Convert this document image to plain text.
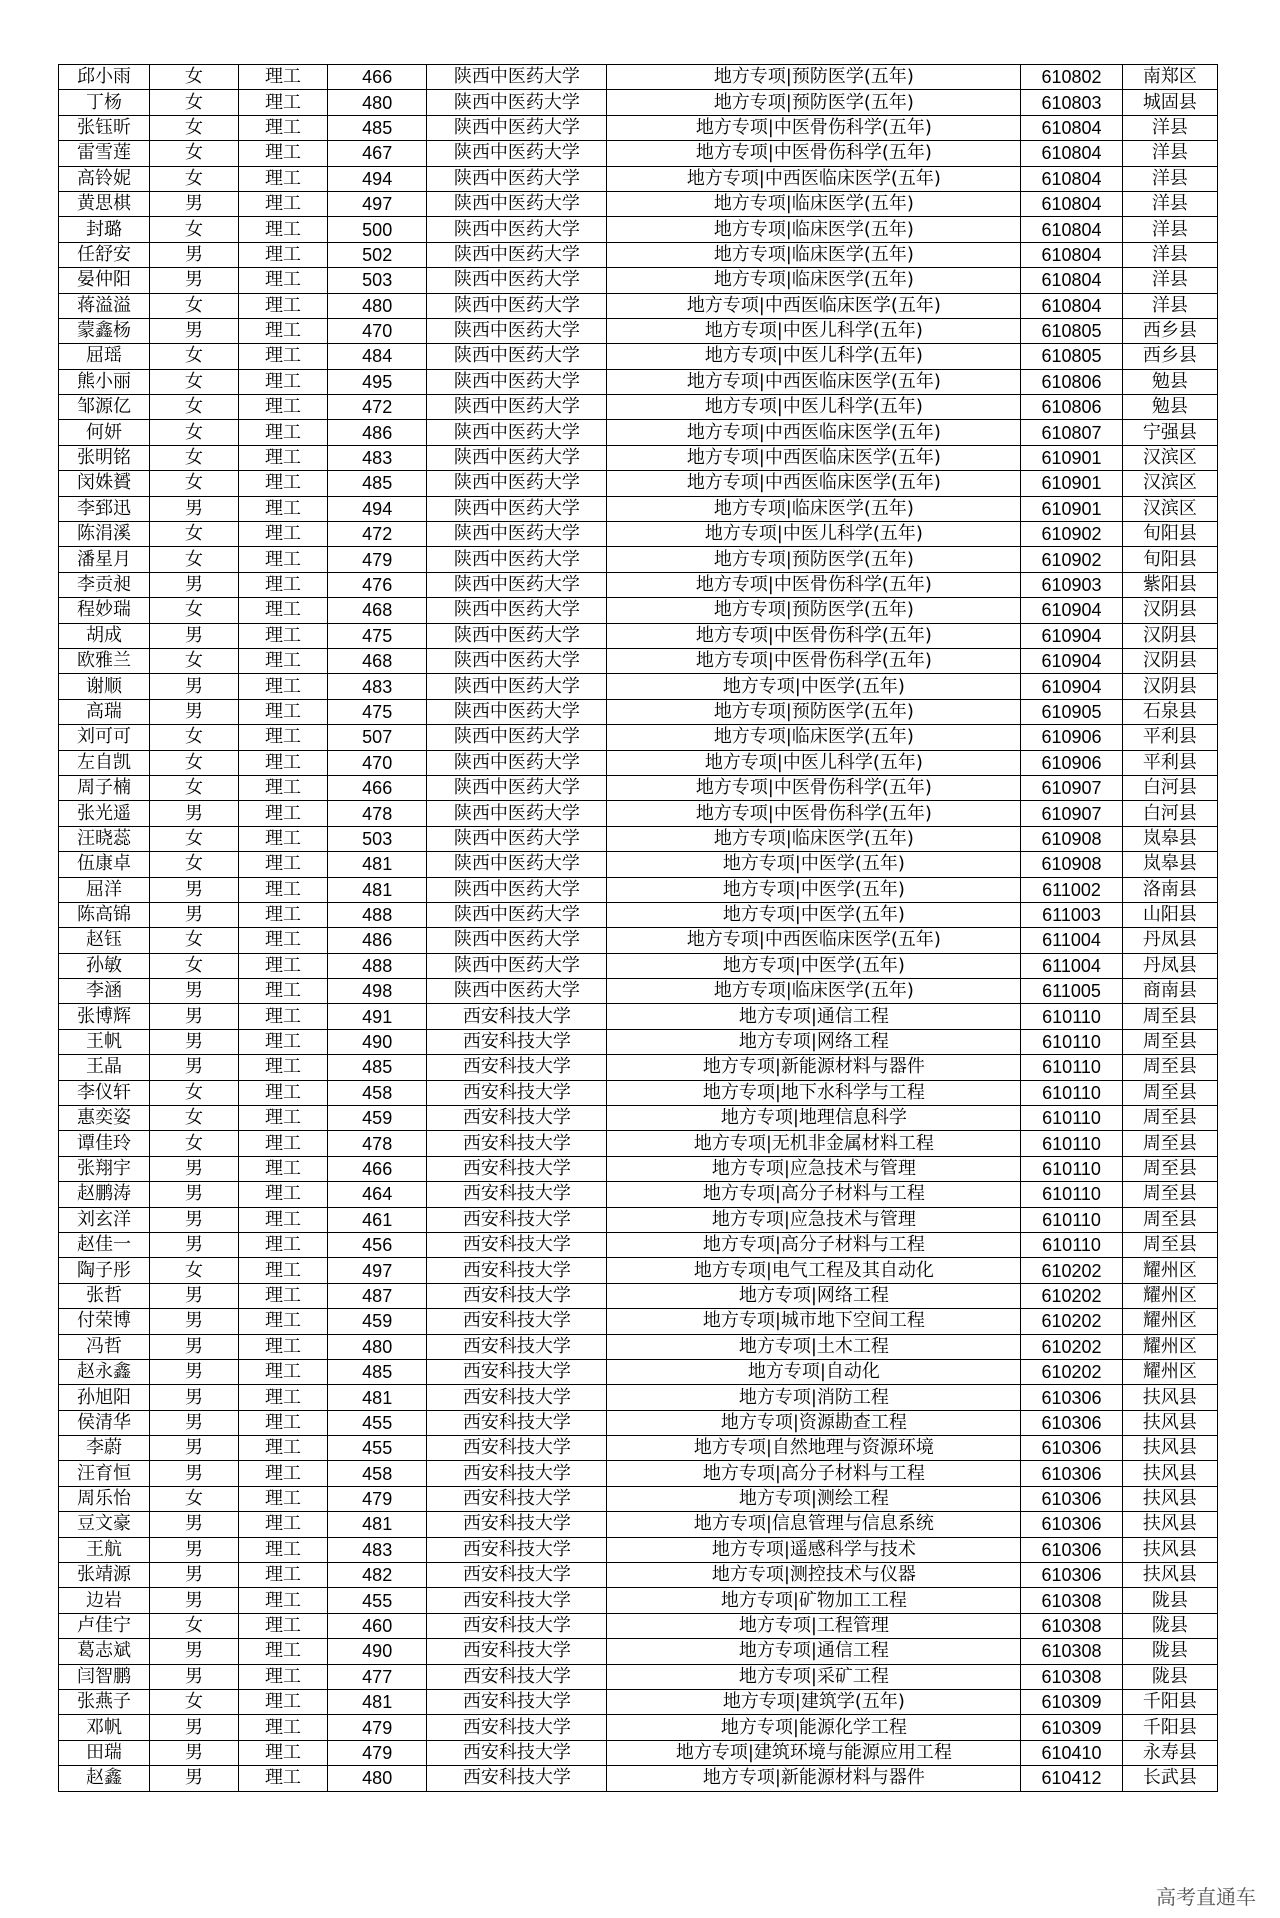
邱小雨	女	理工	466	陕西中医药大学	地方专项|预防医学(五年)	610802	南郑区
丁杨	女	理工	480	陕西中医药大学	地方专项|预防医学(五年)	610803	城固县
张钰昕	女	理工	485	陕西中医药大学	地方专项|中医骨伤科学(五年)	610804	洋县
雷雪莲	女	理工	467	陕西中医药大学	地方专项|中医骨伤科学(五年)	610804	洋县
高铃妮	女	理工	494	陕西中医药大学	地方专项|中西医临床医学(五年)	610804	洋县
黄思棋	男	理工	497	陕西中医药大学	地方专项|临床医学(五年)	610804	洋县
封璐	女	理工	500	陕西中医药大学	地方专项|临床医学(五年)	610804	洋县
任舒安	男	理工	502	陕西中医药大学	地方专项|临床医学(五年)	610804	洋县
晏仲阳	男	理工	503	陕西中医药大学	地方专项|临床医学(五年)	610804	洋县
蒋溢溢	女	理工	480	陕西中医药大学	地方专项|中西医临床医学(五年)	610804	洋县
蒙鑫杨	男	理工	470	陕西中医药大学	地方专项|中医儿科学(五年)	610805	西乡县
屈瑶	女	理工	484	陕西中医药大学	地方专项|中医儿科学(五年)	610805	西乡县
熊小丽	女	理工	495	陕西中医药大学	地方专项|中西医临床医学(五年)	610806	勉县
邹源亿	女	理工	472	陕西中医药大学	地方专项|中医儿科学(五年)	610806	勉县
何妍	女	理工	486	陕西中医药大学	地方专项|中西医临床医学(五年)	610807	宁强县
张明铭	女	理工	483	陕西中医药大学	地方专项|中西医临床医学(五年)	610901	汉滨区
闵姝贇	女	理工	485	陕西中医药大学	地方专项|中西医临床医学(五年)	610901	汉滨区
李郅迅	男	理工	494	陕西中医药大学	地方专项|临床医学(五年)	610901	汉滨区
陈涓溪	女	理工	472	陕西中医药大学	地方专项|中医儿科学(五年)	610902	旬阳县
潘星月	女	理工	479	陕西中医药大学	地方专项|预防医学(五年)	610902	旬阳县
李贡昶	男	理工	476	陕西中医药大学	地方专项|中医骨伤科学(五年)	610903	紫阳县
程妙瑞	女	理工	468	陕西中医药大学	地方专项|预防医学(五年)	610904	汉阴县
胡成	男	理工	475	陕西中医药大学	地方专项|中医骨伤科学(五年)	610904	汉阴县
欧雅兰	女	理工	468	陕西中医药大学	地方专项|中医骨伤科学(五年)	610904	汉阴县
谢顺	男	理工	483	陕西中医药大学	地方专项|中医学(五年)	610904	汉阴县
高瑞	男	理工	475	陕西中医药大学	地方专项|预防医学(五年)	610905	石泉县
刘可可	女	理工	507	陕西中医药大学	地方专项|临床医学(五年)	610906	平利县
左自凯	女	理工	470	陕西中医药大学	地方专项|中医儿科学(五年)	610906	平利县
周子楠	女	理工	466	陕西中医药大学	地方专项|中医骨伤科学(五年)	610907	白河县
张光遥	男	理工	478	陕西中医药大学	地方专项|中医骨伤科学(五年)	610907	白河县
汪晓蕊	女	理工	503	陕西中医药大学	地方专项|临床医学(五年)	610908	岚皋县
伍康卓	女	理工	481	陕西中医药大学	地方专项|中医学(五年)	610908	岚皋县
屈洋	男	理工	481	陕西中医药大学	地方专项|中医学(五年)	611002	洛南县
陈高锦	男	理工	488	陕西中医药大学	地方专项|中医学(五年)	611003	山阳县
赵钰	女	理工	486	陕西中医药大学	地方专项|中西医临床医学(五年)	611004	丹凤县
孙敏	女	理工	488	陕西中医药大学	地方专项|中医学(五年)	611004	丹凤县
李涵	男	理工	498	陕西中医药大学	地方专项|临床医学(五年)	611005	商南县
张博辉	男	理工	491	西安科技大学	地方专项|通信工程	610110	周至县
王帆	男	理工	490	西安科技大学	地方专项|网络工程	610110	周至县
王晶	男	理工	485	西安科技大学	地方专项|新能源材料与器件	610110	周至县
李仪轩	女	理工	458	西安科技大学	地方专项|地下水科学与工程	610110	周至县
惠奕姿	女	理工	459	西安科技大学	地方专项|地理信息科学	610110	周至县
谭佳玲	女	理工	478	西安科技大学	地方专项|无机非金属材料工程	610110	周至县
张翔宇	男	理工	466	西安科技大学	地方专项|应急技术与管理	610110	周至县
赵鹏涛	男	理工	464	西安科技大学	地方专项|高分子材料与工程	610110	周至县
刘玄洋	男	理工	461	西安科技大学	地方专项|应急技术与管理	610110	周至县
赵佳一	男	理工	456	西安科技大学	地方专项|高分子材料与工程	610110	周至县
陶子彤	女	理工	497	西安科技大学	地方专项|电气工程及其自动化	610202	耀州区
张哲	男	理工	487	西安科技大学	地方专项|网络工程	610202	耀州区
付荣博	男	理工	459	西安科技大学	地方专项|城市地下空间工程	610202	耀州区
冯哲	男	理工	480	西安科技大学	地方专项|土木工程	610202	耀州区
赵永鑫	男	理工	485	西安科技大学	地方专项|自动化	610202	耀州区
孙旭阳	男	理工	481	西安科技大学	地方专项|消防工程	610306	扶风县
侯清华	男	理工	455	西安科技大学	地方专项|资源勘查工程	610306	扶风县
李蔚	男	理工	455	西安科技大学	地方专项|自然地理与资源环境	610306	扶风县
汪育恒	男	理工	458	西安科技大学	地方专项|高分子材料与工程	610306	扶风县
周乐怡	女	理工	479	西安科技大学	地方专项|测绘工程	610306	扶风县
豆文豪	男	理工	481	西安科技大学	地方专项|信息管理与信息系统	610306	扶风县
王航	男	理工	483	西安科技大学	地方专项|遥感科学与技术	610306	扶风县
张靖源	男	理工	482	西安科技大学	地方专项|测控技术与仪器	610306	扶风县
边岩	男	理工	455	西安科技大学	地方专项|矿物加工工程	610308	陇县
卢佳宁	女	理工	460	西安科技大学	地方专项|工程管理	610308	陇县
葛志斌	男	理工	490	西安科技大学	地方专项|通信工程	610308	陇县
闫智鹏	男	理工	477	西安科技大学	地方专项|采矿工程	610308	陇县
张燕子	女	理工	481	西安科技大学	地方专项|建筑学(五年)	610309	千阳县
邓帆	男	理工	479	西安科技大学	地方专项|能源化学工程	610309	千阳县
田瑞	男	理工	479	西安科技大学	地方专项|建筑环境与能源应用工程	610410	永寿县
赵鑫	男	理工	480	西安科技大学	地方专项|新能源材料与器件	610412	长武县
高考直通车
